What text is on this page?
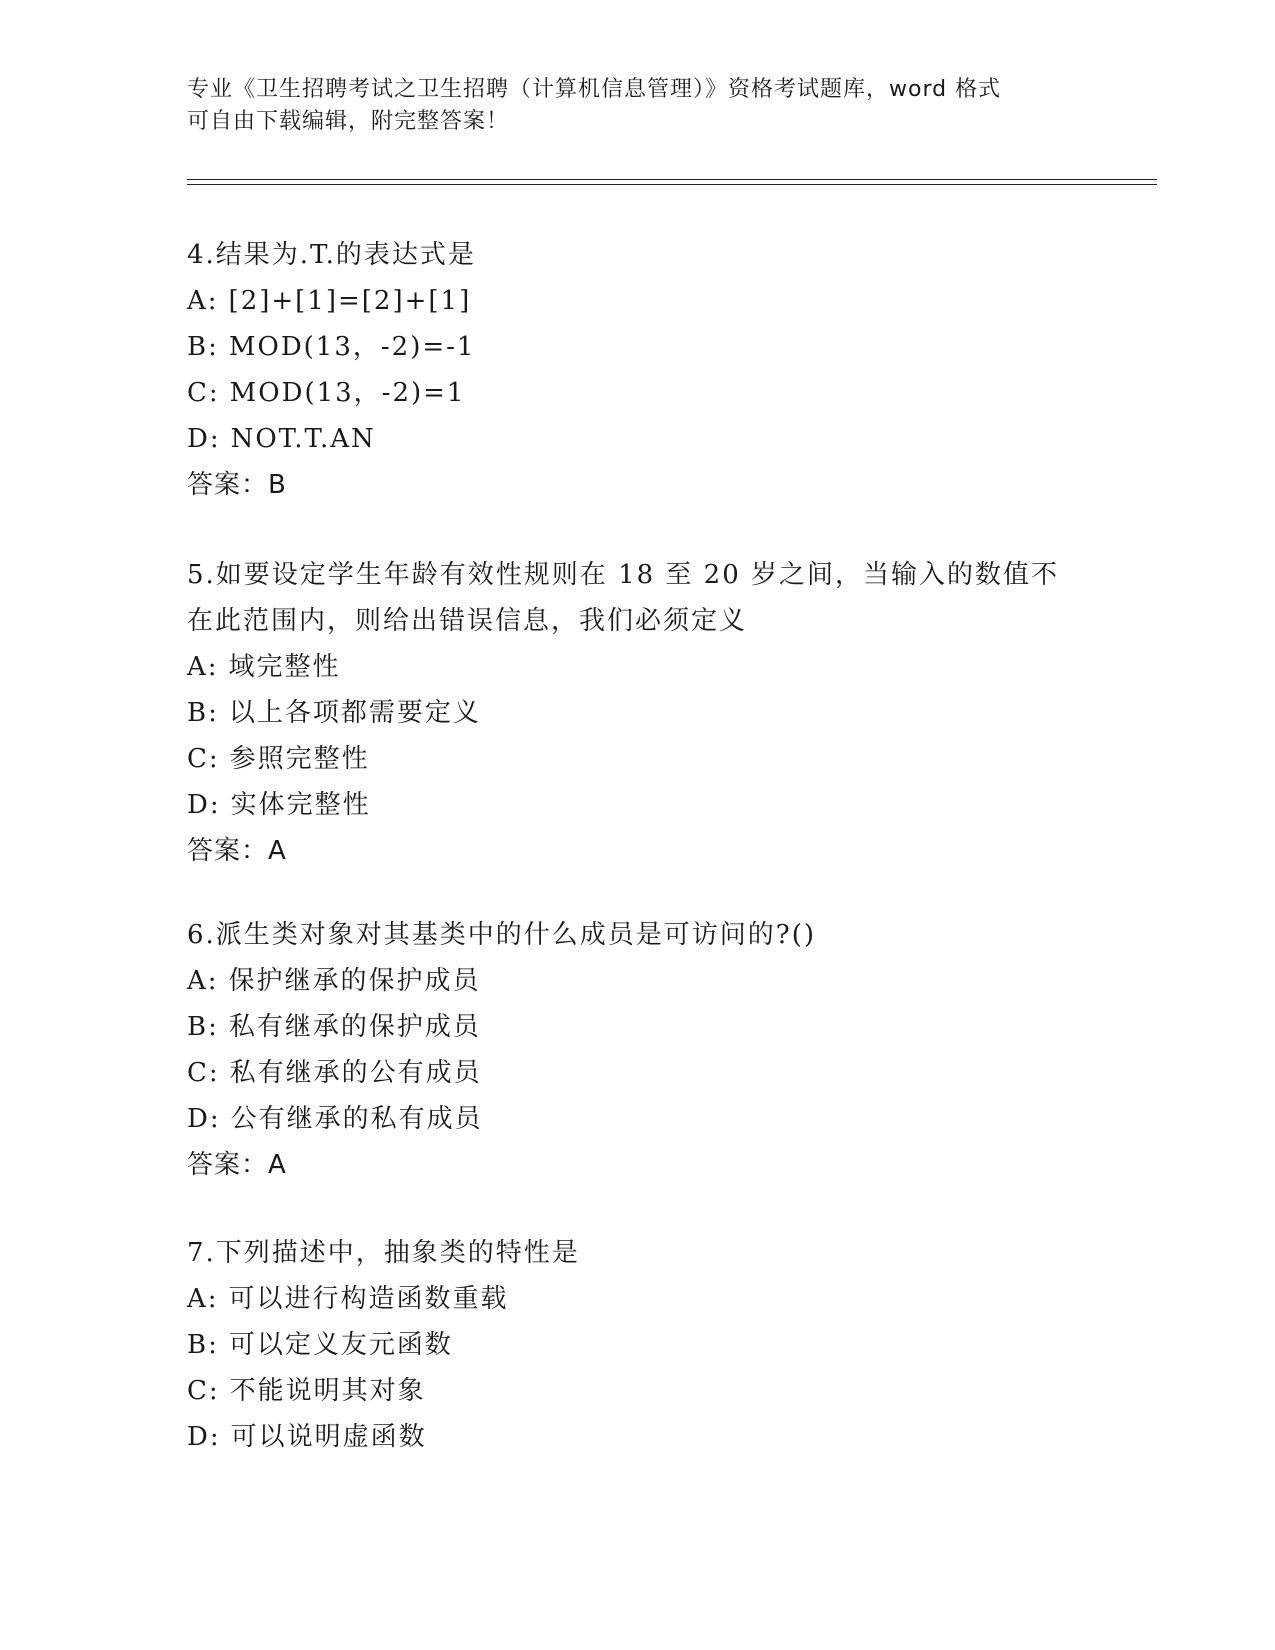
专业《卫生招聘考试之卫生招聘（计算机信息管理）》资格考试题库，word 格式
可自由下载编辑，附完整答案！
4.结果为.T.的表达式是
A: [2]+[1]=[2]+[1]
B: MOD(13，-2)=-1
C: MOD(13，-2)=1
D: NOT.T.AN
答案：B
5.如要设定学生年龄有效性规则在 18 至 20 岁之间，当输入的数值不
在此范围内，则给出错误信息，我们必须定义
A: 域完整性
B: 以上各项都需要定义
C: 参照完整性
D: 实体完整性
答案：A
6.派生类对象对其基类中的什么成员是可访问的?()
A: 保护继承的保护成员
B: 私有继承的保护成员
C: 私有继承的公有成员
D: 公有继承的私有成员
答案：A
7.下列描述中，抽象类的特性是
A: 可以进行构造函数重载
B: 可以定义友元函数
C: 不能说明其对象
D: 可以说明虚函数
